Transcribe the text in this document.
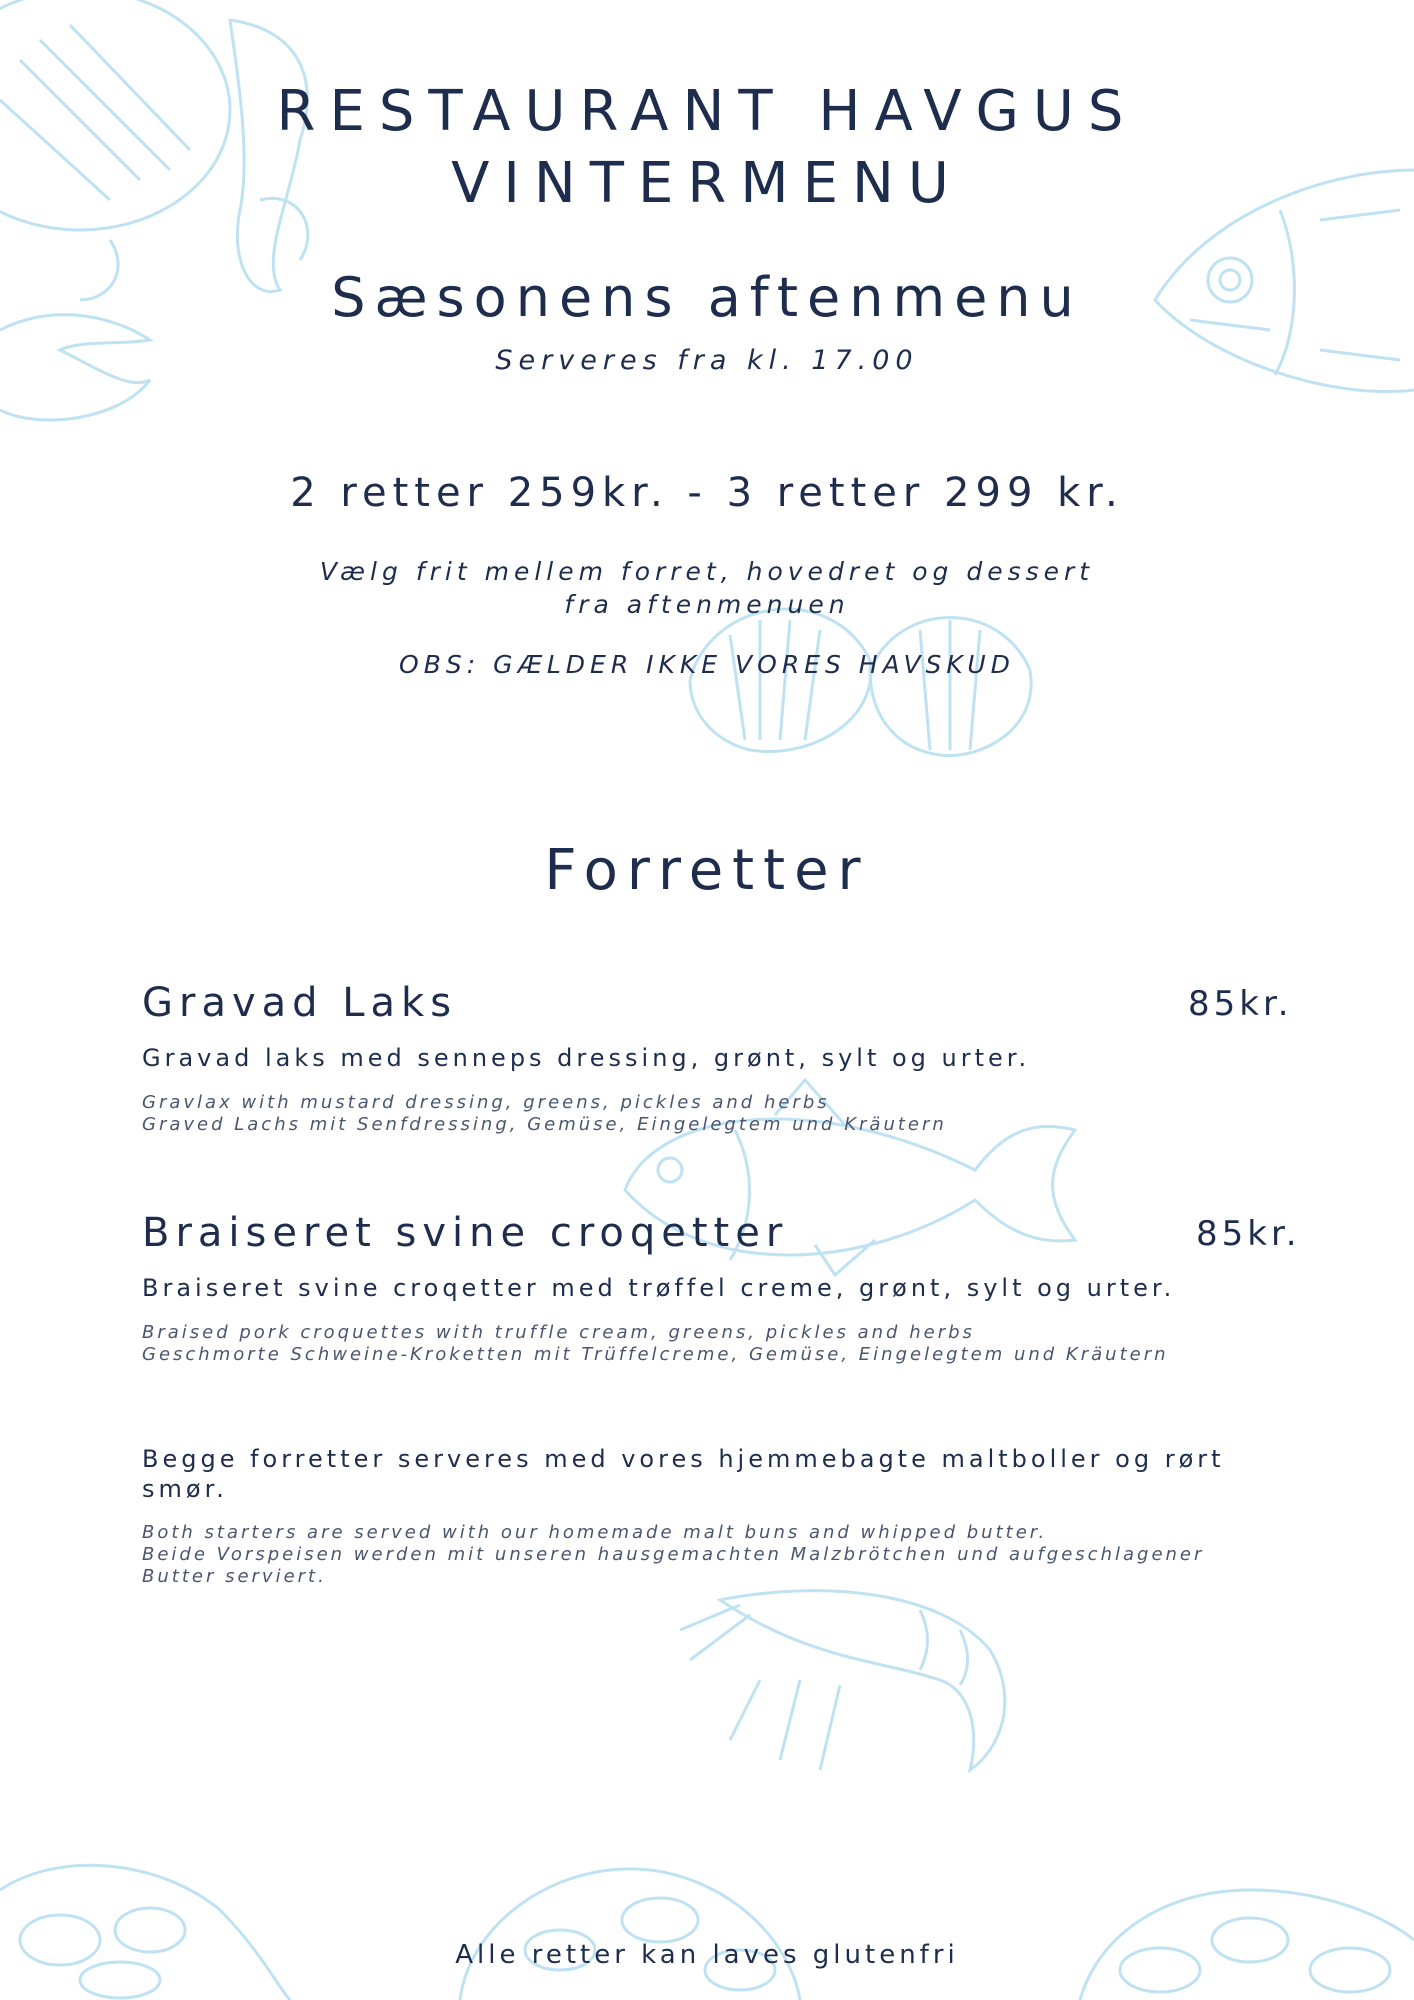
RESTAURANT HAVGUS
VINTERMENU
Sæsonens aftenmenu
Serveres fra kl. 17.00
2 retter 259kr. - 3 retter 299 kr.
Vælg frit mellem forret, hovedret og dessert
fra aftenmenuen
OBS: GÆLDER IKKE VORES HAVSKUD
Forretter
Gravad Laks	85kr.
Gravad laks med senneps dressing, grønt, sylt og urter.
Gravlax with mustard dressing, greens, pickles and herbs
Graved Lachs mit Senfdressing, Gemüse, Eingelegtem und Kräutern
Braiseret svine croqetter	85kr.
Braiseret svine croqetter med trøffel creme, grønt, sylt og urter.
Braised pork croquettes with truffle cream, greens, pickles and herbs
Geschmorte Schweine-Kroketten mit Trüffelcreme, Gemüse, Eingelegtem und Kräutern
Begge forretter serveres med vores hjemmebagte maltboller og rørt smør.
Both starters are served with our homemade malt buns and whipped butter.
Beide Vorspeisen werden mit unseren hausgemachten Malzbrötchen und aufgeschlagener Butter serviert.
Alle retter kan laves glutenfri
